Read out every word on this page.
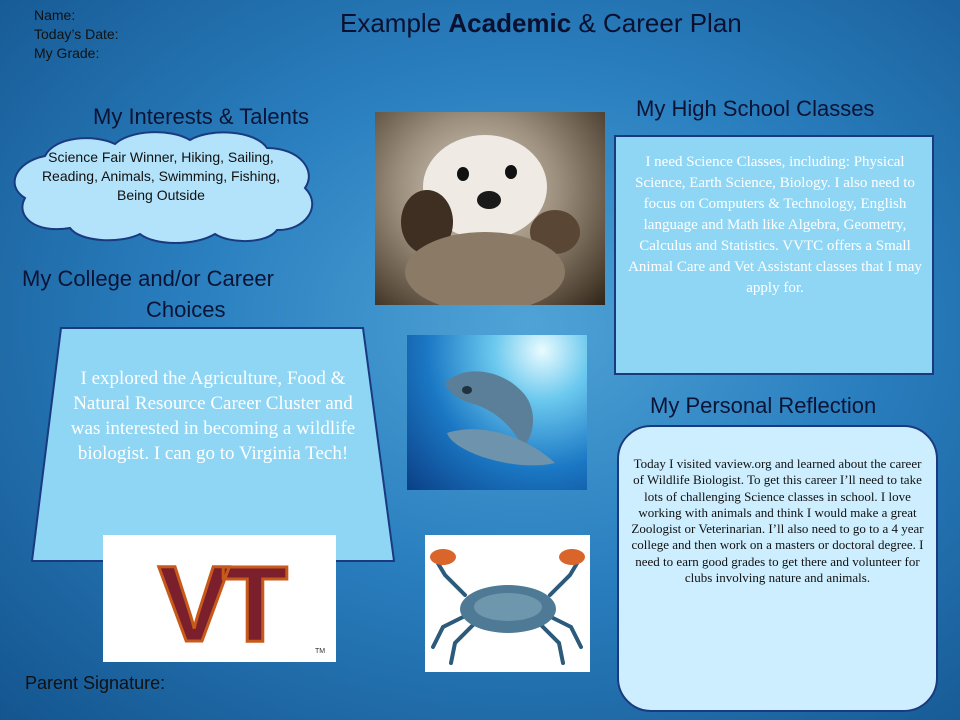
Name:
Today’s Date:
My Grade:
Example Academic & Career Plan
My Interests & Talents
Science Fair Winner, Hiking, Sailing, Reading, Animals, Swimming, Fishing, Being Outside
My College and/or Career
Choices
I explored the Agriculture, Food & Natural Resource Career Cluster and was interested in becoming a wildlife biologist. I can go to Virginia Tech!
VT	TM
My High School Classes
I need Science Classes, including: Physical Science, Earth Science, Biology. I also need to focus on Computers & Technology, English language and Math like Algebra, Geometry, Calculus and Statistics. VVTC offers a Small Animal Care and Vet Assistant classes that I may apply for.
My Personal Reflection
Today I visited vaview.org and learned about the career of Wildlife Biologist. To get this career I’ll need to take lots of challenging Science classes in school. I love working with animals and think I would make a great Zoologist or Veterinarian. I’ll also need to go to a 4 year college and then work on a masters or doctoral degree. I need to earn good grades to get there and volunteer for clubs involving nature and animals.
Parent Signature:
